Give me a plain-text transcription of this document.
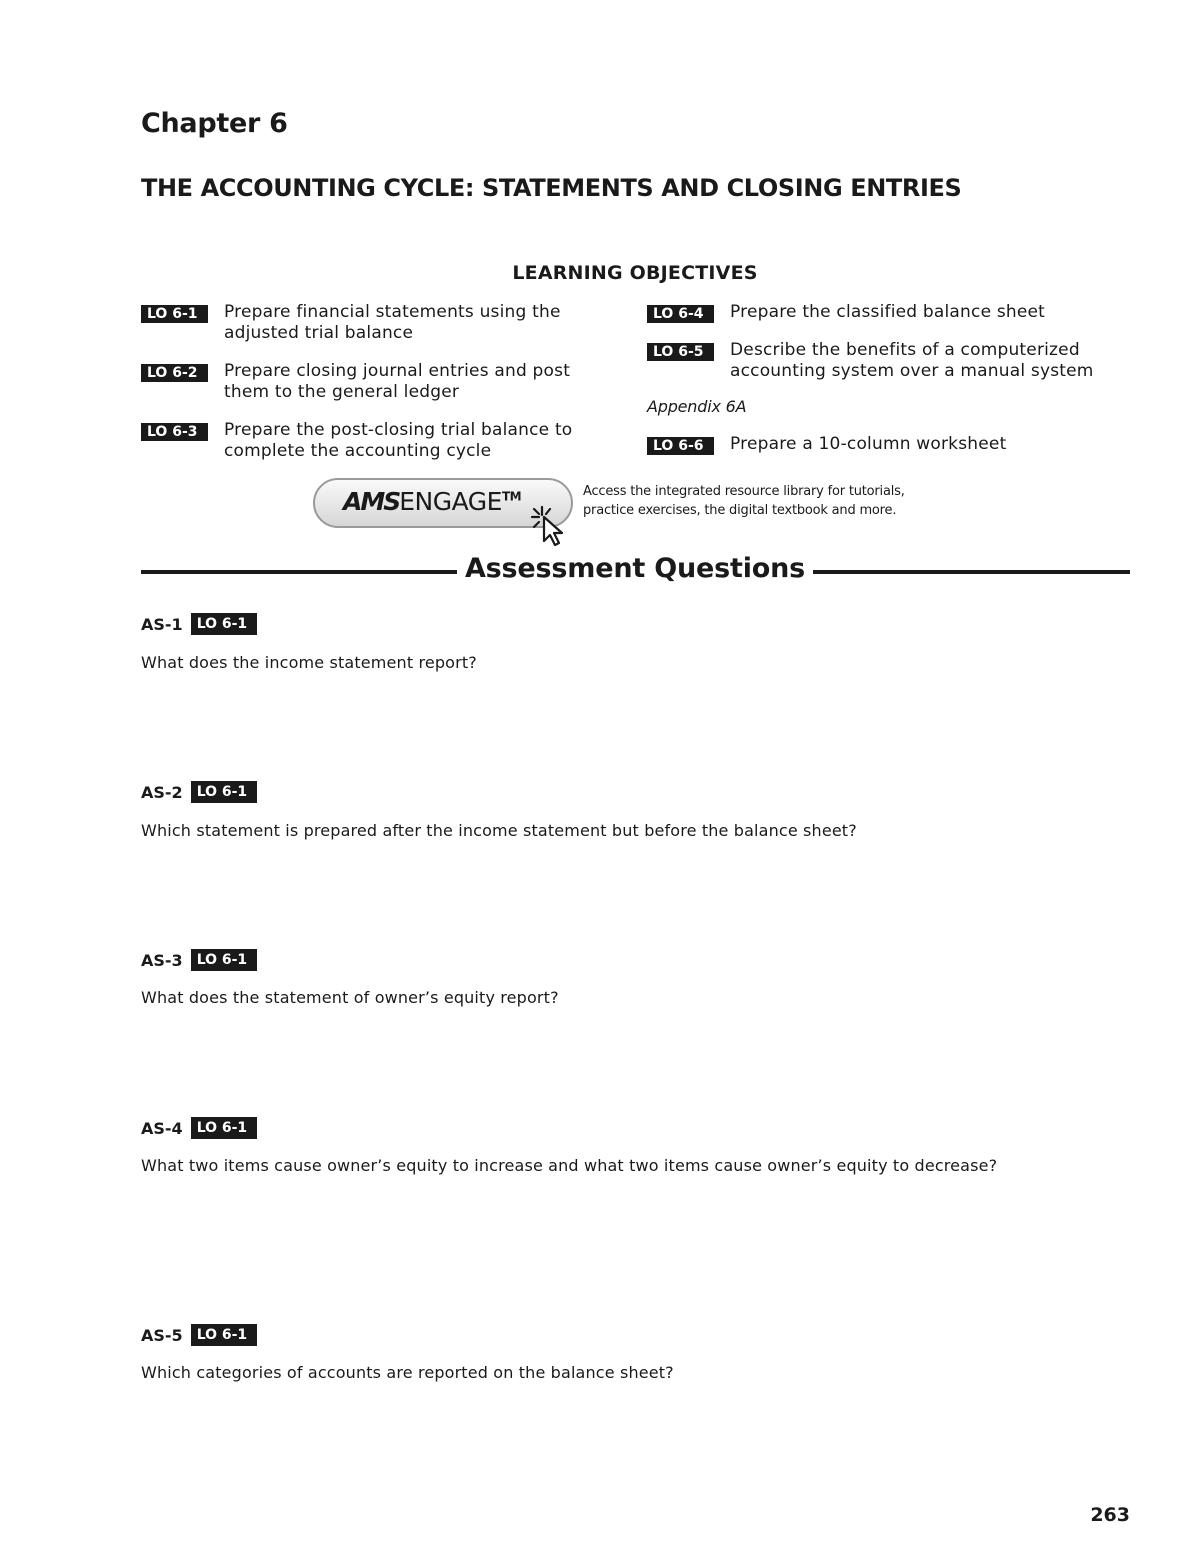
Chapter 6
THE ACCOUNTING CYCLE: STATEMENTS AND CLOSING ENTRIES
LEARNING OBJECTIVES
LO 6-1	Prepare financial statements using the
adjusted trial balance
LO 6-2	Prepare closing journal entries and post
them to the general ledger
LO 6-3	Prepare the post-closing trial balance to
complete the accounting cycle
LO 6-4	Prepare the classified balance sheet
LO 6-5	Describe the benefits of a computerized
accounting system over a manual system
Appendix 6A
LO 6-6	Prepare a 10-column worksheet
AMSENGAGE™	Access the integrated resource library for tutorials,
practice exercises, the digital textbook and more.
Assessment Questions
AS-1	LO 6-1
What does the income statement report?
AS-2	LO 6-1
Which statement is prepared after the income statement but before the balance sheet?
AS-3	LO 6-1
What does the statement of owner’s equity report?
AS-4	LO 6-1
What two items cause owner’s equity to increase and what two items cause owner’s equity to decrease?
AS-5	LO 6-1
Which categories of accounts are reported on the balance sheet?
263
